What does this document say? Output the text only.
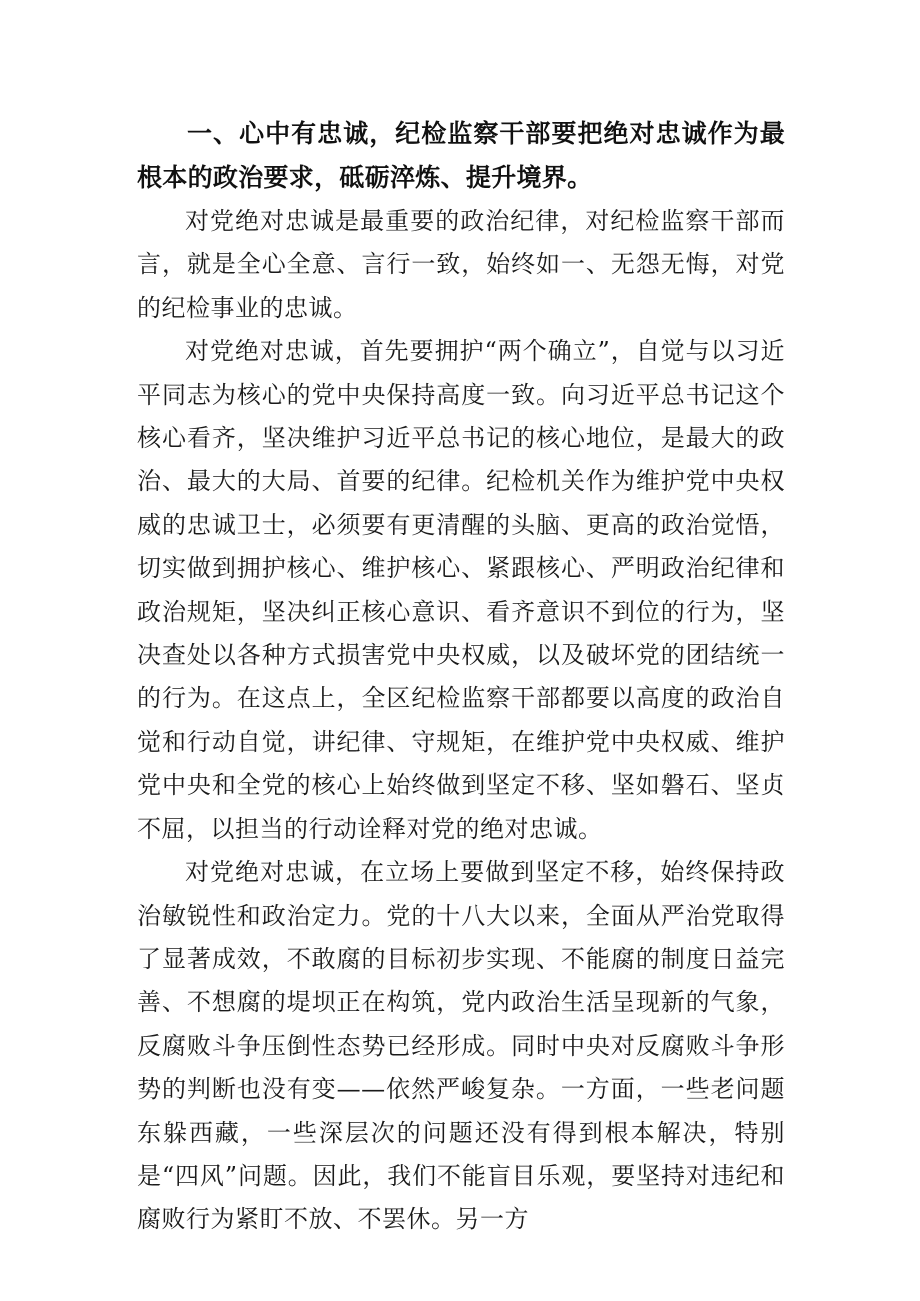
一、心中有忠诚，纪检监察干部要把绝对忠诚作为最根本的政治要求，砥砺淬炼、提升境界。

对党绝对忠诚是最重要的政治纪律，对纪检监察干部而言，就是全心全意、言行一致，始终如一、无怨无悔，对党的纪检事业的忠诚。

对党绝对忠诚，首先要拥护“两个确立”，自觉与以习近平同志为核心的党中央保持高度一致。向习近平总书记这个核心看齐，坚决维护习近平总书记的核心地位，是最大的政治、最大的大局、首要的纪律。纪检机关作为维护党中央权威的忠诚卫士，必须要有更清醒的头脑、更高的政治觉悟，切实做到拥护核心、维护核心、紧跟核心、严明政治纪律和政治规矩，坚决纠正核心意识、看齐意识不到位的行为，坚决查处以各种方式损害党中央权威，以及破坏党的团结统一的行为。在这点上，全区纪检监察干部都要以高度的政治自觉和行动自觉，讲纪律、守规矩，在维护党中央权威、维护党中央和全党的核心上始终做到坚定不移、坚如磐石、坚贞不屈，以担当的行动诠释对党的绝对忠诚。

对党绝对忠诚，在立场上要做到坚定不移，始终保持政治敏锐性和政治定力。党的十八大以来，全面从严治党取得了显著成效，不敢腐的目标初步实现、不能腐的制度日益完善、不想腐的堤坝正在构筑，党内政治生活呈现新的气象，反腐败斗争压倒性态势已经形成。同时中央对反腐败斗争形势的判断也没有变——依然严峻复杂。一方面，一些老问题东躲西藏，一些深层次的问题还没有得到根本解决，特别是“四风”问题。因此，我们不能盲目乐观，要坚持对违纪和腐败行为紧盯不放、不罢休。另一方
